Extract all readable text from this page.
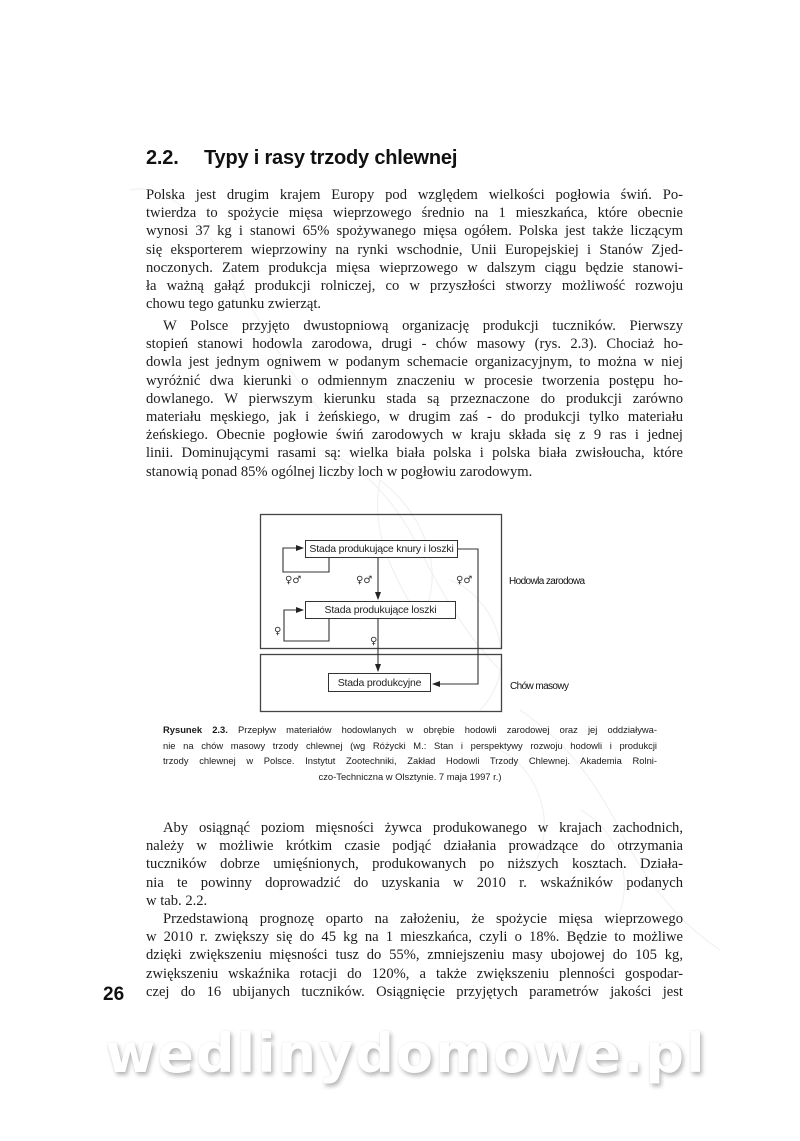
2.2. Typy i rasy trzody chlewnej
Polska jest drugim krajem Europy pod względem wielkości pogłowia świń. Po-
twierdza to spożycie mięsa wieprzowego średnio na 1 mieszkańca, które obecnie
wynosi 37 kg i stanowi 65% spożywanego mięsa ogółem. Polska jest także liczącym
się eksporterem wieprzowiny na rynki wschodnie, Unii Europejskiej i Stanów Zjed-
noczonych. Zatem produkcja mięsa wieprzowego w dalszym ciągu będzie stanowi-
ła ważną gałąź produkcji rolniczej, co w przyszłości stworzy możliwość rozwoju
chowu tego gatunku zwierząt.
W Polsce przyjęto dwustopniową organizację produkcji tuczników. Pierwszy
stopień stanowi hodowla zarodowa, drugi - chów masowy (rys. 2.3). Chociaż ho-
dowla jest jednym ogniwem w podanym schemacie organizacyjnym, to można w niej
wyróżnić dwa kierunki o odmiennym znaczeniu w procesie tworzenia postępu ho-
dowlanego. W pierwszym kierunku stada są przeznaczone do produkcji zarówno
materiału męskiego, jak i żeńskiego, w drugim zaś - do produkcji tylko materiału
żeńskiego. Obecnie pogłowie świń zarodowych w kraju składa się z 9 ras i jednej
linii. Dominującymi rasami są: wielka biała polska i polska biała zwisłoucha, które
stanowią ponad 85% ogólnej liczby loch w pogłowiu zarodowym.
Stada produkujące knury i loszki
Stada produkujące loszki
Stada produkcyjne
♀♂	♀♂	♀♂
♀
♀
Hodowla zarodowa
Chów masowy
Rysunek 2.3. Przepływ materiałów hodowlanych w obrębie hodowli zarodowej oraz jej oddziaływa-
nie na chów masowy trzody chlewnej (wg Różycki M.: Stan i perspektywy rozwoju hodowli i produkcji
trzody chlewnej w Polsce. Instytut Zootechniki, Zakład Hodowli Trzody Chlewnej. Akademia Rolni-
czo-Techniczna w Olsztynie. 7 maja 1997 r.)
Aby osiągnąć poziom mięsności żywca produkowanego w krajach zachodnich,
należy w możliwie krótkim czasie podjąć działania prowadzące do otrzymania
tuczników dobrze umięśnionych, produkowanych po niższych kosztach. Działa-
nia te powinny doprowadzić do uzyskania w 2010 r. wskaźników podanych
w tab. 2.2.
Przedstawioną prognozę oparto na założeniu, że spożycie mięsa wieprzowego
w 2010 r. zwiększy się do 45 kg na 1 mieszkańca, czyli o 18%. Będzie to możliwe
dzięki zwiększeniu mięsności tusz do 55%, zmniejszeniu masy ubojowej do 105 kg,
zwiększeniu wskaźnika rotacji do 120%, a także zwiększeniu plenności gospodar-
czej do 16 ubijanych tuczników. Osiągnięcie przyjętych parametrów jakości jest
26
wedlinydomowe.pl
